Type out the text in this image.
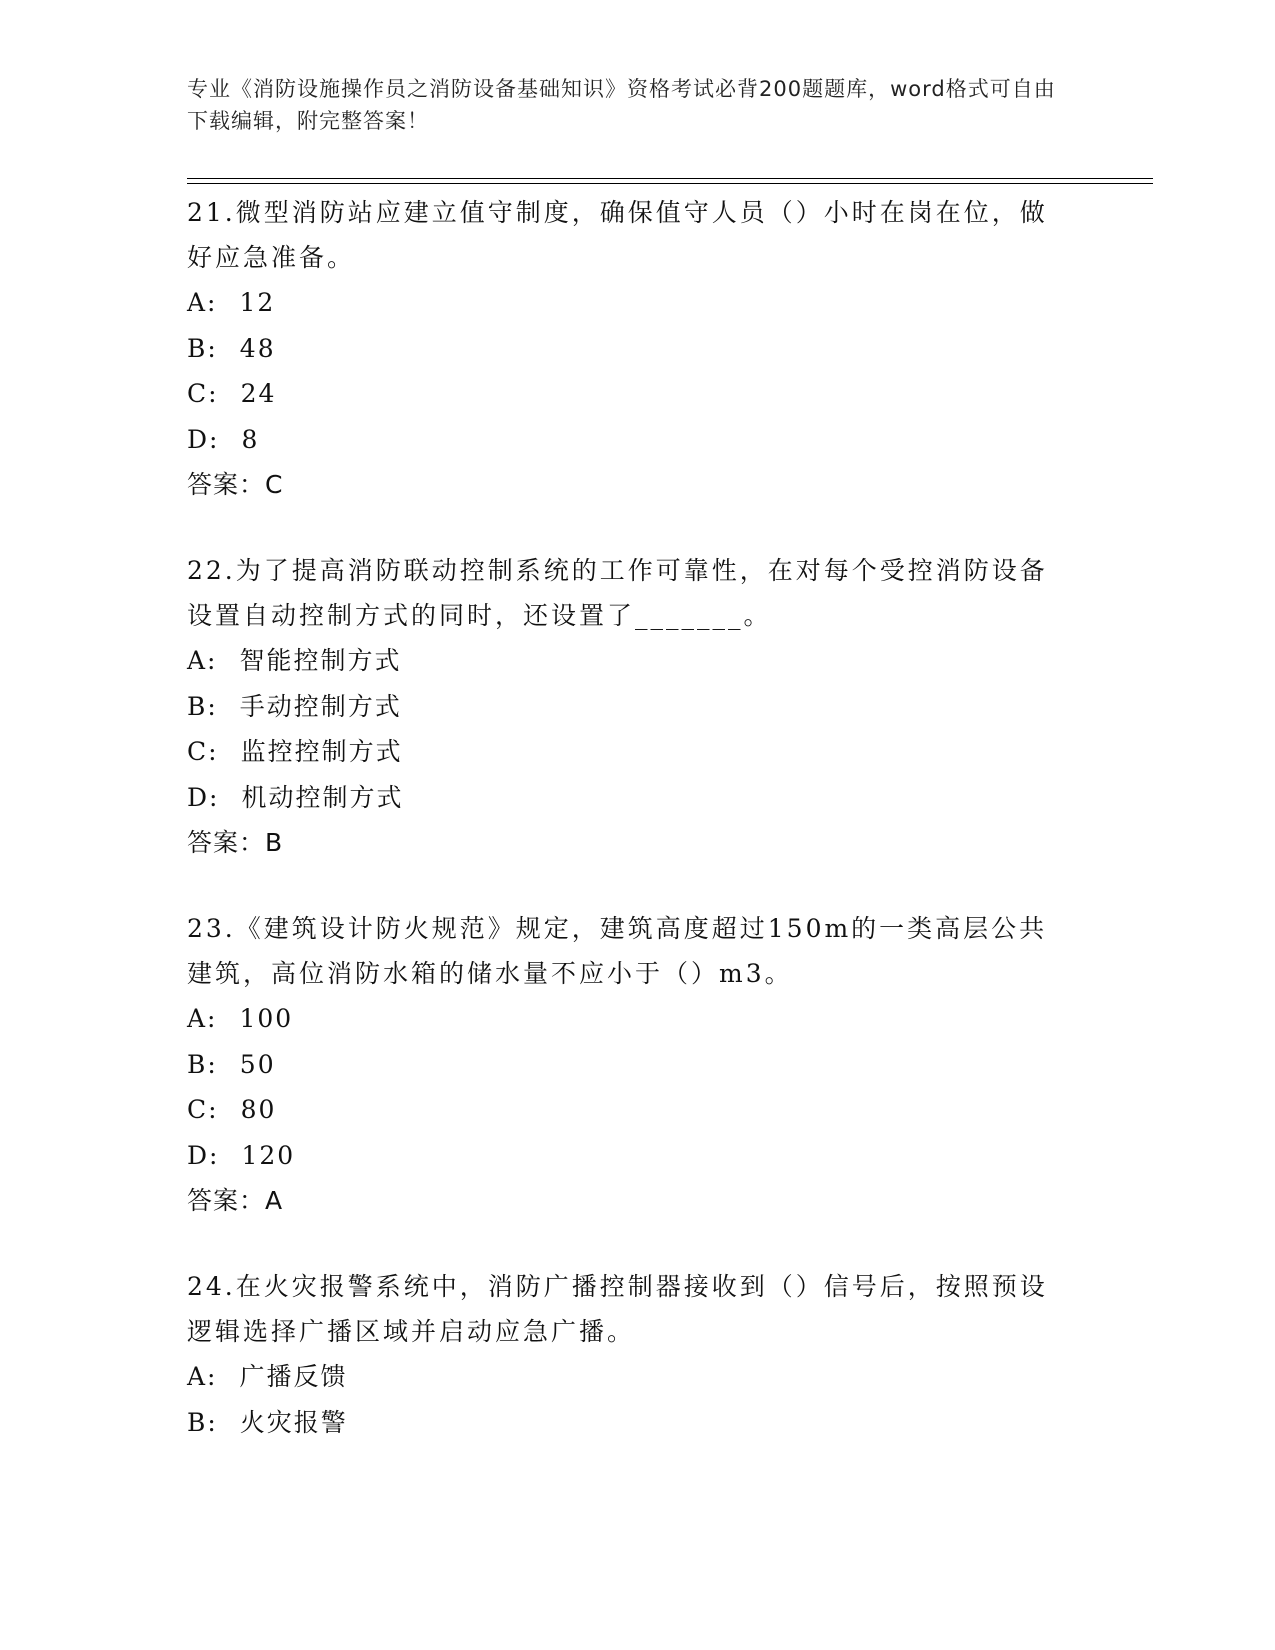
专业《消防设施操作员之消防设备基础知识》资格考试必背200题题库，word格式可自由下载编辑，附完整答案！
21.微型消防站应建立值守制度，确保值守人员（）小时在岗在位，做好应急准备。
A: 12
B: 48
C: 24
D: 8
答案：C
22.为了提高消防联动控制系统的工作可靠性，在对每个受控消防设备设置自动控制方式的同时，还设置了_______。
A: 智能控制方式
B: 手动控制方式
C: 监控控制方式
D: 机动控制方式
答案：B
23.《建筑设计防火规范》规定，建筑高度超过150m的一类高层公共建筑，高位消防水箱的储水量不应小于（）m3。
A: 100
B: 50
C: 80
D: 120
答案：A
24.在火灾报警系统中，消防广播控制器接收到（）信号后，按照预设逻辑选择广播区域并启动应急广播。
A: 广播反馈
B: 火灾报警
